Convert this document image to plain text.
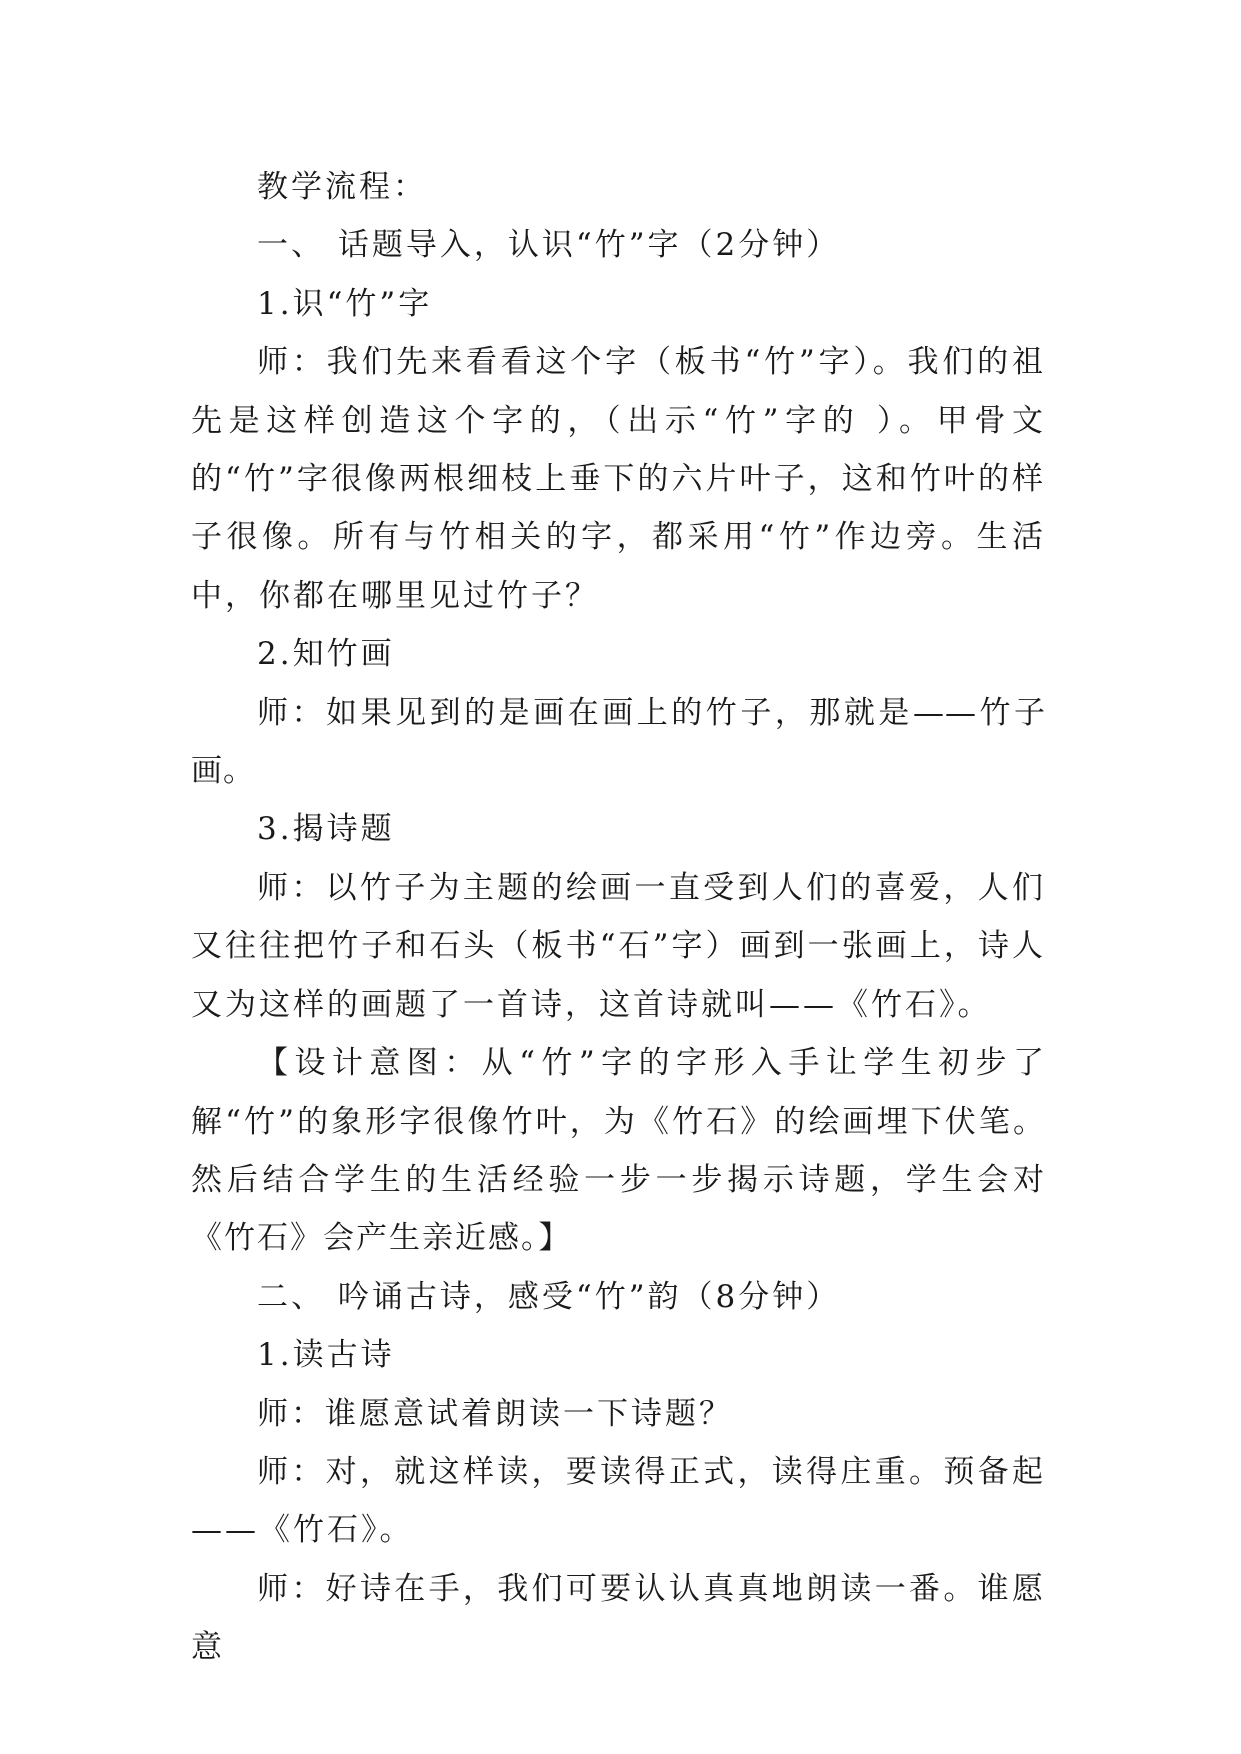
教学流程：

一、 话题导入，认识“竹”字（2分钟）

1.识“竹”字

师：我们先来看看这个字（板书“竹”字）。我们的祖先是这样创造这个字的，（出示“竹”字的 ）。甲骨文的“竹”字很像两根细枝上垂下的六片叶子，这和竹叶的样子很像。所有与竹相关的字，都采用“竹”作边旁。生活中，你都在哪里见过竹子？

2.知竹画

师：如果见到的是画在画上的竹子，那就是——竹子画。

3.揭诗题

师：以竹子为主题的绘画一直受到人们的喜爱，人们又往往把竹子和石头（板书“石”字）画到一张画上，诗人又为这样的画题了一首诗，这首诗就叫——《竹石》。

【设计意图：从“竹”字的字形入手让学生初步了解“竹”的象形字很像竹叶，为《竹石》的绘画埋下伏笔。然后结合学生的生活经验一步一步揭示诗题，学生会对《竹石》会产生亲近感。】

二、 吟诵古诗，感受“竹”韵（8分钟）

1.读古诗

师：谁愿意试着朗读一下诗题？

师：对，就这样读，要读得正式，读得庄重。预备起——《竹石》。

师：好诗在手，我们可要认认真真地朗读一番。谁愿意
